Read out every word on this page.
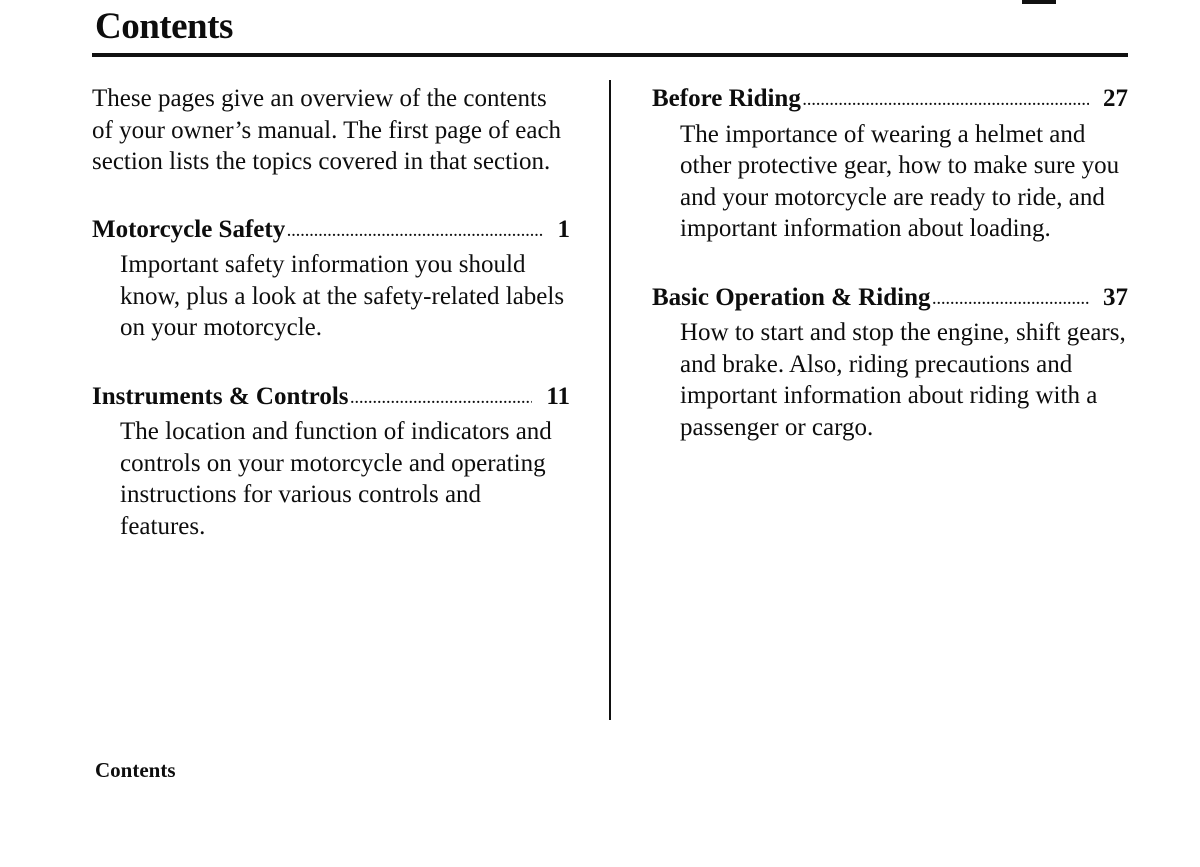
Contents

These pages give an overview of the contents of your owner’s manual. The first page of each section lists the topics covered in that section.

Motorcycle Safety .....	1

Important safety information you should know, plus a look at the safety-related labels on your motorcycle.

Instruments & Controls .....	11

The location and function of indicators and controls on your motorcycle and operating instructions for various controls and features.

Before Riding .....	27

The importance of wearing a helmet and other protective gear, how to make sure you and your motorcycle are ready to ride, and important information about loading.

Basic Operation & Riding .....	37

How to start and stop the engine, shift gears, and brake. Also, riding precautions and important information about riding with a passenger or cargo.

Contents
